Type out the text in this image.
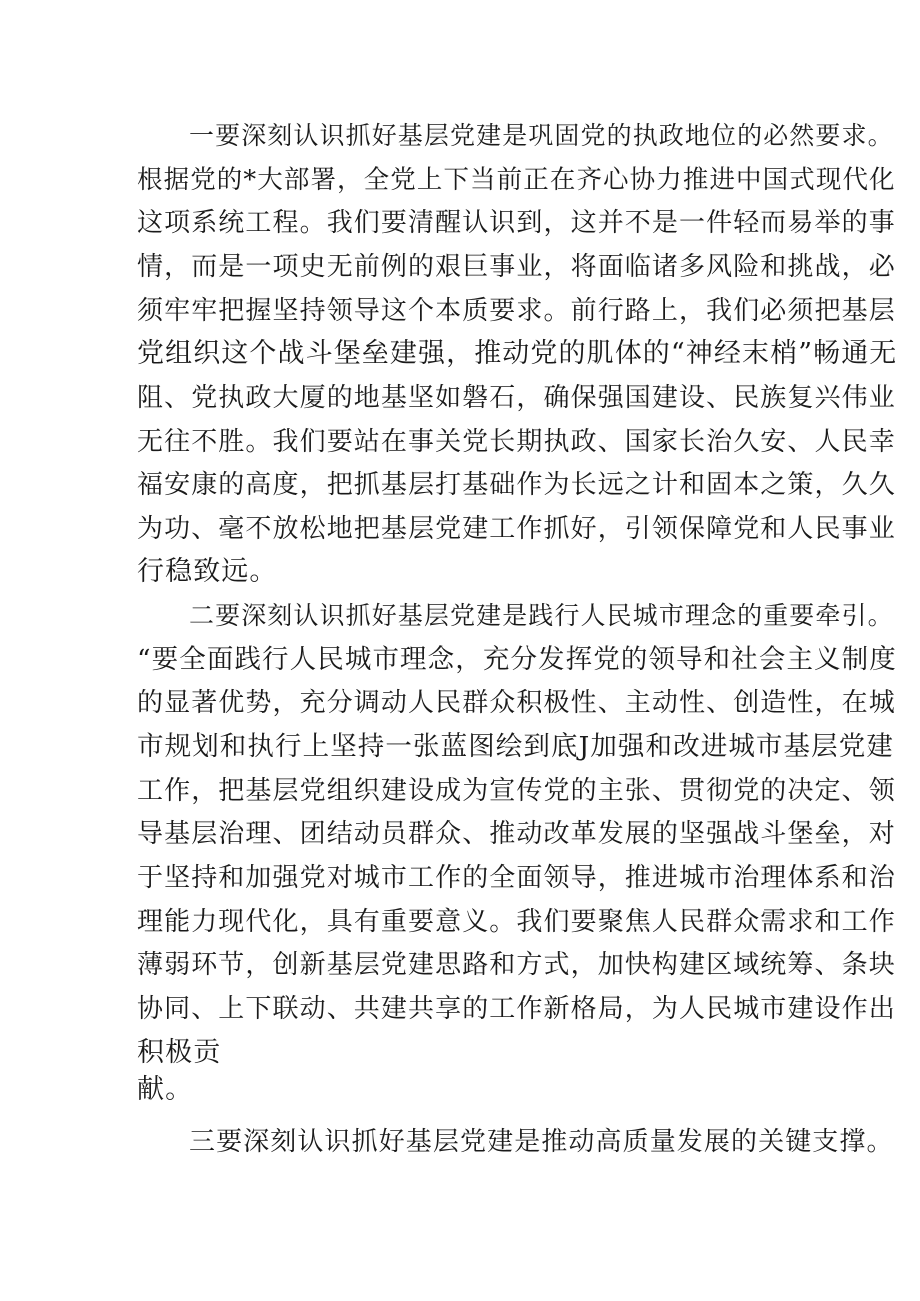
一要深刻认识抓好基层党建是巩固党的执政地位的必然要求。
根据党的*大部署，全党上下当前正在齐心协力推进中国式现代化
这项系统工程。我们要清醒认识到，这并不是一件轻而易举的事
情，而是一项史无前例的艰巨事业，将面临诸多风险和挑战，必
须牢牢把握坚持领导这个本质要求。前行路上，我们必须把基层
党组织这个战斗堡垒建强，推动党的肌体的“神经末梢”畅通无
阻、党执政大厦的地基坚如磐石，确保强国建设、民族复兴伟业
无往不胜。我们要站在事关党长期执政、国家长治久安、人民幸
福安康的高度，把抓基层打基础作为长远之计和固本之策，久久
为功、毫不放松地把基层党建工作抓好，引领保障党和人民事业
行稳致远。
二要深刻认识抓好基层党建是践行人民城市理念的重要牵引。
“要全面践行人民城市理念，充分发挥党的领导和社会主义制度
的显著优势，充分调动人民群众积极性、主动性、创造性，在城
市规划和执行上坚持一张蓝图绘到底J加强和改进城市基层党建
工作，把基层党组织建设成为宣传党的主张、贯彻党的决定、领
导基层治理、团结动员群众、推动改革发展的坚强战斗堡垒，对
于坚持和加强党对城市工作的全面领导，推进城市治理体系和治
理能力现代化，具有重要意义。我们要聚焦人民群众需求和工作
薄弱环节，创新基层党建思路和方式，加快构建区域统筹、条块
协同、上下联动、共建共享的工作新格局，为人民城市建设作出
积极贡
献。
三要深刻认识抓好基层党建是推动高质量发展的关键支撑。
